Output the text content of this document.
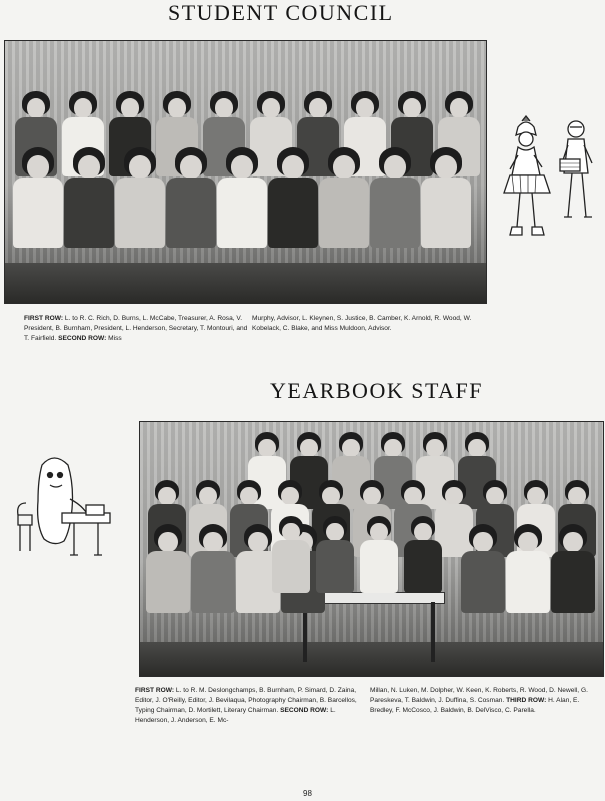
STUDENT COUNCIL
FIRST ROW: L. to R. C. Rich, D. Burns, L. McCabe, Treasurer, A. Rosa, V. President, B. Burnham, President, L. Henderson, Secretary, T. Montouri, and T. Fairfield. SECOND ROW: Miss
Murphy, Advisor, L. Kleynen, S. Justice, B. Camber, K. Arnold, R. Wood, W. Kobelack, C. Blake, and Miss Muldoon, Advisor.
YEARBOOK STAFF
FIRST ROW: L. to R. M. Deslongchamps, B. Burnham, P. Simard, D. Zaina, Editor, J. O'Reilly, Editor, J. Bevilaqua, Photography Chairman, B. Barcellos, Typing Chairman, D. Mortilett, Literary Chairman. SECOND ROW: L. Henderson, J. Anderson, E. Mc-
Millan, N. Luken, M. Dolpher, W. Keen, K. Roberts, R. Wood, D. Newell, G. Pareskeva, T. Baldwin, J. Duffina, S. Cosman. THIRD ROW: H. Alan, E. Bredley, F. McCosco, J. Baldwin, B. DelVisco, C. Parella.
98
